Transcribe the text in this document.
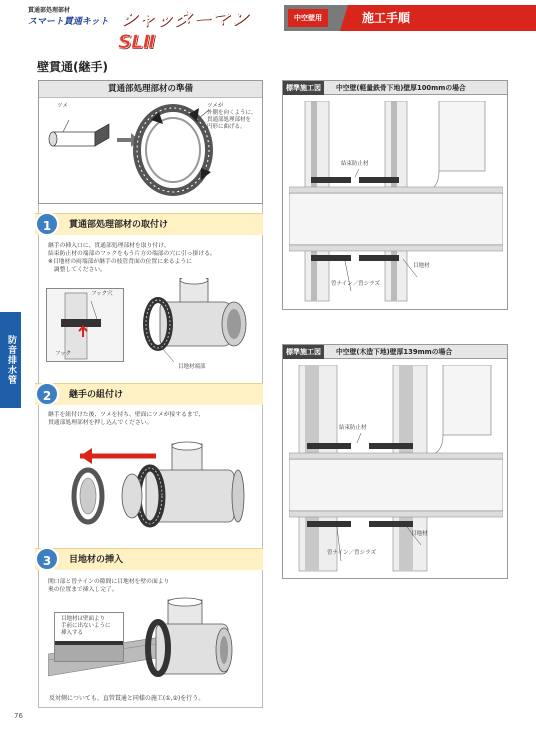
貫通部処理部材
スマート貫通キット シャッターマンSLⅡ
中空壁用	施工手順
壁貫通(継手)
貫通部処理部材の準備
ツメ	ツメが
外側を向くように、
貫通部処理部材を
円形に曲げる。
1	貫通部処理部材の取付け
継手の挿入口に、貫通部処理部材を取り付け、
結束防止材の端部のフックをもう片方の端部の穴に引っ掛ける。
※目地材の両端部が継手の枝管背面の位置に来るように
　調整してください。
フック穴
フック
目地材端部
2	継手の組付け
継手を組付けた後、ツメを持ち、壁面にツメが接するまで、
貫通部処理部材を押し込んでください。
3	目地材の挿入
開口部と曽ナインの隙間に目地材を壁の面より
奥の位置まで挿入し完了。
目地材は壁面より
手前に出ないように
挿入する
反対側についても、直管貫通と同様の施工(①,②)を行う。
防音排水管
76
標準施工図	中空壁(軽量鉄骨下地)壁厚100mmの場合
結束防止材
曽ナイン／曽シラズ
目地材
標準施工図	中空壁(木造下地)壁厚139mmの場合
結束防止材
曽ナイン／曽シラズ
目地材
